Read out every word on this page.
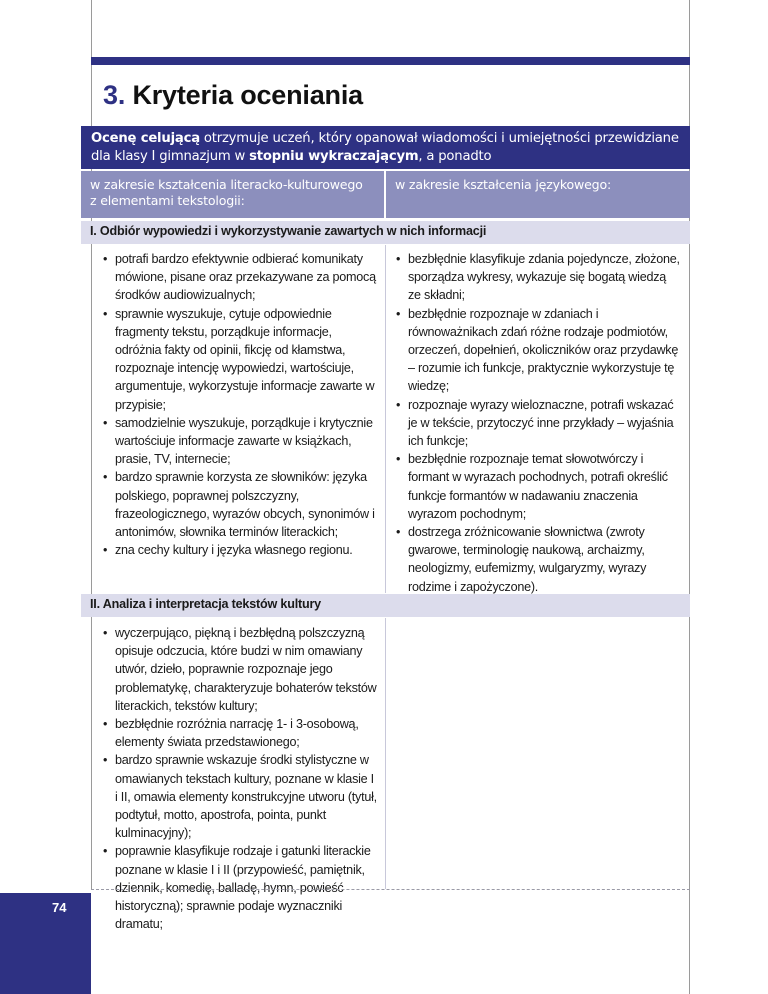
3. Kryteria oceniania
Ocenę celującą otrzymuje uczeń, który opanował wiadomości i umiejętności przewidziane
dla klasy I gimnazjum w stopniu wykraczającym, a ponadto
w zakresie kształcenia literacko-kulturowego
z elementami tekstologii:
w zakresie kształcenia językowego:
I. Odbiór wypowiedzi i wykorzystywanie zawartych w nich informacji
• potrafi bardzo efektywnie odbierać komunikaty mówione, pisane oraz przekazywane za pomocą środków audiowizualnych;
• sprawnie wyszukuje, cytuje odpowiednie fragmenty tekstu, porządkuje informacje, odróżnia fakty od opinii, fikcję od kłamstwa, rozpoznaje intencję wypowiedzi, wartościuje, argumentuje, wykorzystuje informacje zawarte w przypisie;
• samodzielnie wyszukuje, porządkuje i krytycznie wartościuje informacje zawarte w książkach, prasie, TV, internecie;
• bardzo sprawnie korzysta ze słowników: języka polskiego, poprawnej polszczyzny, frazeologicznego, wyrazów obcych, synonimów i antonimów, słownika terminów literackich;
• zna cechy kultury i języka własnego regionu.
• bezbłędnie klasyfikuje zdania pojedyncze, złożone, sporządza wykresy, wykazuje się bogatą wiedzą ze składni;
• bezbłędnie rozpoznaje w zdaniach i równoważnikach zdań różne rodzaje podmiotów, orzeczeń, dopełnień, okoliczników oraz przydawkę – rozumie ich funkcje, praktycznie wykorzystuje tę wiedzę;
• rozpoznaje wyrazy wieloznaczne, potrafi wskazać je w tekście, przytoczyć inne przykłady – wyjaśnia ich funkcje;
• bezbłędnie rozpoznaje temat słowotwórczy i formant w wyrazach pochodnych, potrafi określić funkcje formantów w nadawaniu znaczenia wyrazom pochodnym;
• dostrzega zróżnicowanie słownictwa (zwroty gwarowe, terminologię naukową, archaizmy, neologizmy, eufemizmy, wulgaryzmy, wyrazy rodzime i zapożyczone).
II. Analiza i interpretacja tekstów kultury
• wyczerpująco, piękną i bezbłędną polszczyzną opisuje odczucia, które budzi w nim omawiany utwór, dzieło, poprawnie rozpoznaje jego problematykę, charakteryzuje bohaterów tekstów literackich, tekstów kultury;
• bezbłędnie rozróżnia narrację 1- i 3-osobową, elementy świata przedstawionego;
• bardzo sprawnie wskazuje środki stylistyczne w omawianych tekstach kultury, poznane w klasie I i II, omawia elementy konstrukcyjne utworu (tytuł, podtytuł, motto, apostrofa, pointa, punkt kulminacyjny);
• poprawnie klasyfikuje rodzaje i gatunki literackie poznane w klasie I i II (przypowieść, pamiętnik, dziennik, komedię, balladę, hymn, powieść historyczną); sprawnie podaje wyznaczniki dramatu;
74
